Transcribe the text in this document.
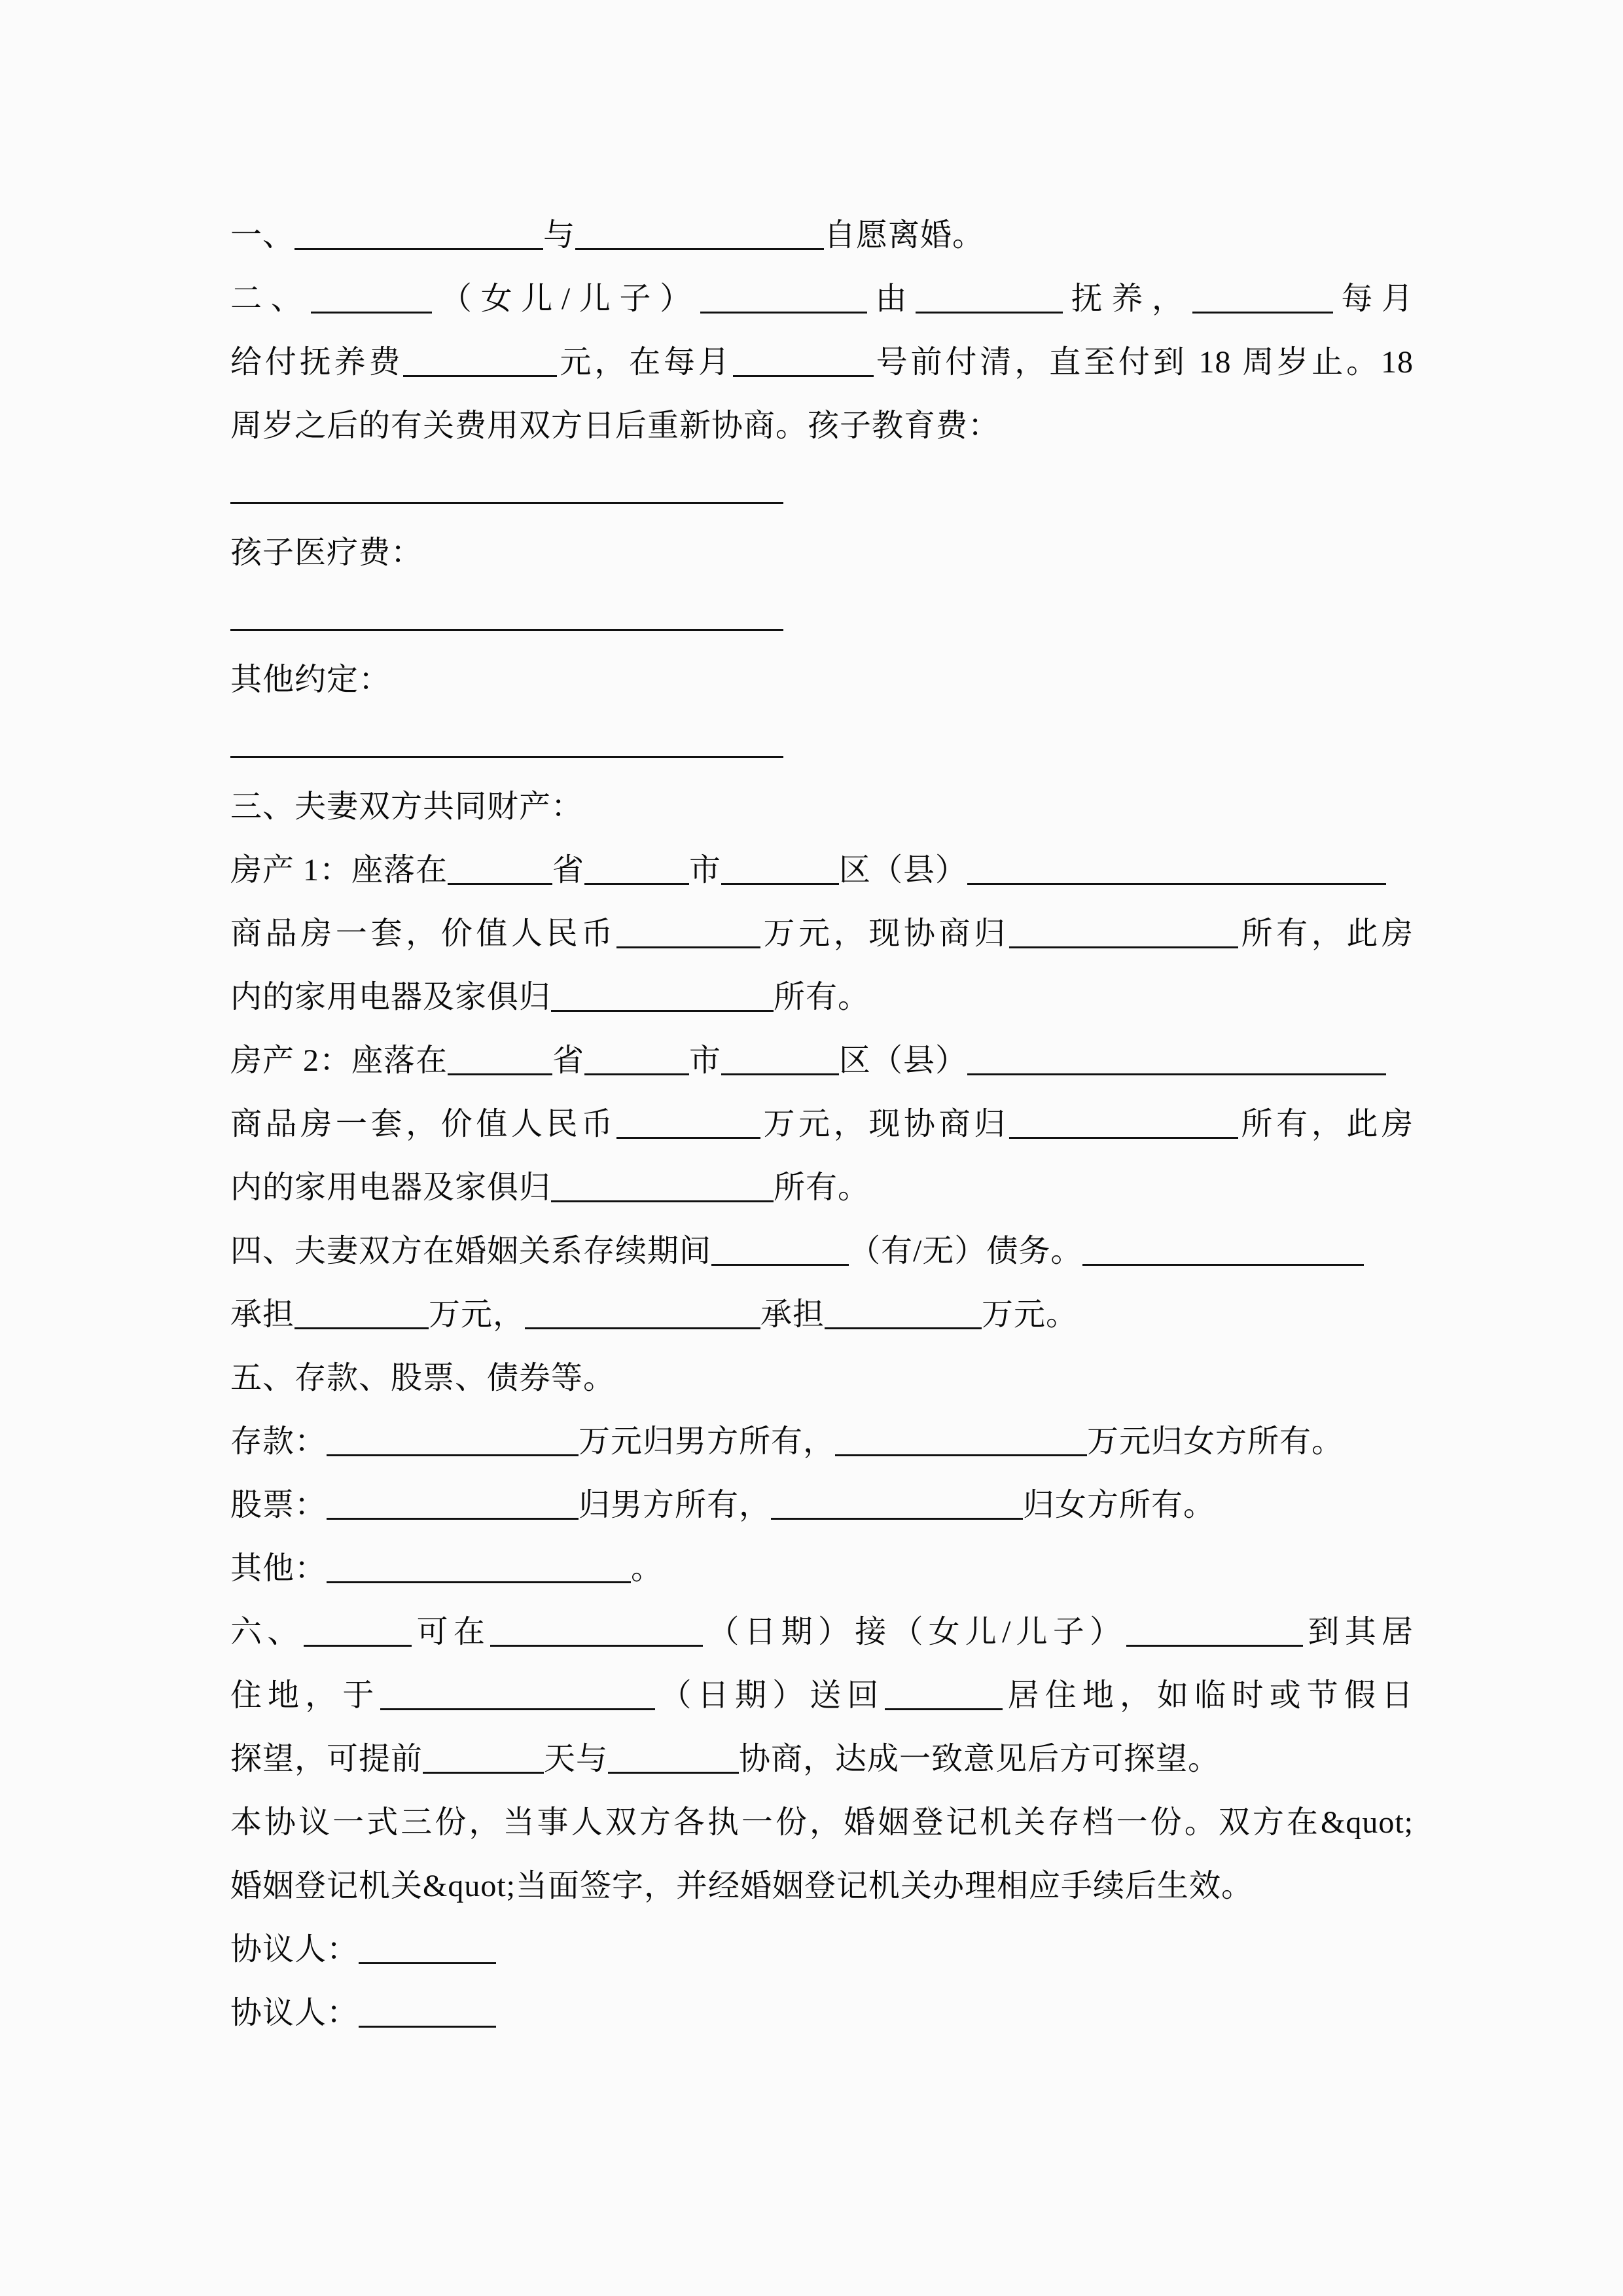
一、	与	自愿离婚。
二、	（女儿/儿子）	由	抚养，	每月
给付抚养费	元，在每月	号前付清，直至付到 18 周岁止。18
周岁之后的有关费用双方日后重新协商。孩子教育费：
孩子医疗费：
其他约定：
三、夫妻双方共同财产：
房产 1：座落在	省	市	区（县）
商品房一套，价值人民币	万元，现协商归	所有，此房
内的家用电器及家俱归	所有。
房产 2：座落在	省	市	区（县）
商品房一套，价值人民币	万元，现协商归	所有，此房
内的家用电器及家俱归	所有。
四、夫妻双方在婚姻关系存续期间	（有/无）债务。
承担	万元，	承担	万元。
五、存款、股票、债券等。
存款：	万元归男方所有，	万元归女方所有。
股票：	归男方所有，	归女方所有。
其他：	。
六、	可在	（日期）接（女儿/儿子）	到其居
住地，于	（日期）送回	居住地，如临时或节假日
探望，可提前	天与	协商，达成一致意见后方可探望。
本协议一式三份，当事人双方各执一份，婚姻登记机关存档一份。双方在&quot;
婚姻登记机关&quot;当面签字，并经婚姻登记机关办理相应手续后生效。
协议人：
协议人：
